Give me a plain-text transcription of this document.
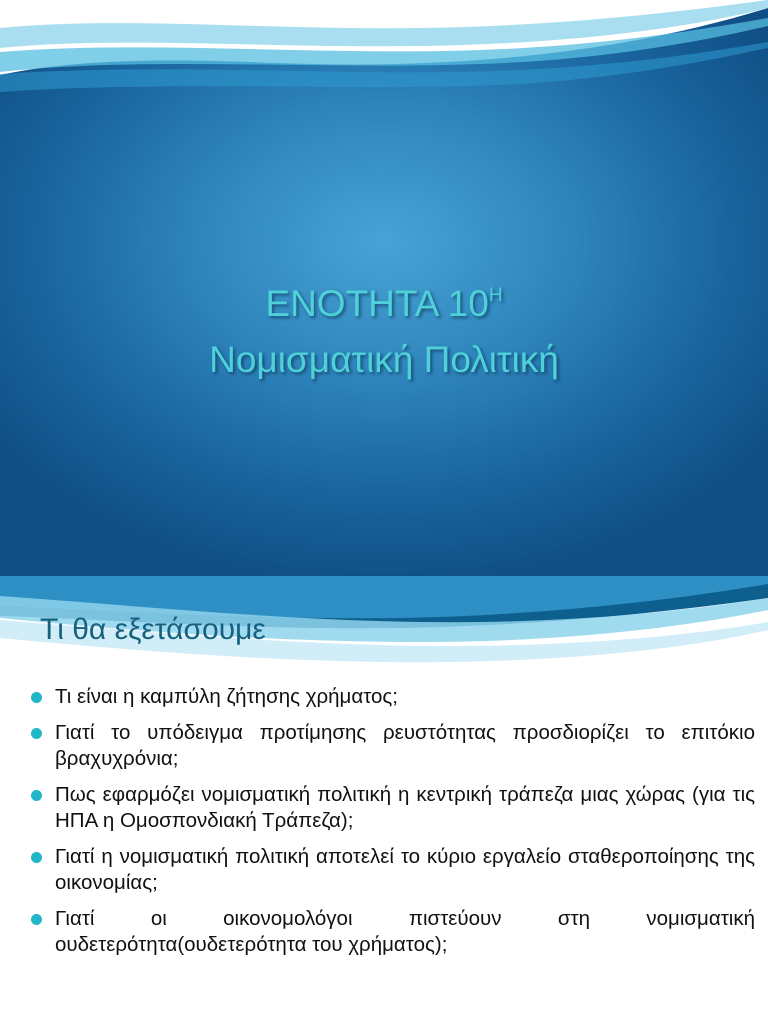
ΕΝΟΤΗΤΑ $10^H$
Νομισματική Πολιτική
Τι θα εξετάσουμε
Τι είναι η καμπύλη ζήτησης χρήματος;
Γιατί το υπόδειγμα προτίμησης ρευστότητας προσδιορίζει το επιτόκιο βραχυχρόνια;
Πως εφαρμόζει νομισματική πολιτική η κεντρική τράπεζα μιας χώρας (για τις ΗΠΑ η Ομοσπονδιακή Τράπεζα);
Γιατί η νομισματική πολιτική αποτελεί το κύριο εργαλείο σταθεροποίησης της οικονομίας;
Γιατί οι οικονομολόγοι πιστεύουν στη νομισματική ουδετερότητα(ουδετερότητα του χρήματος);
